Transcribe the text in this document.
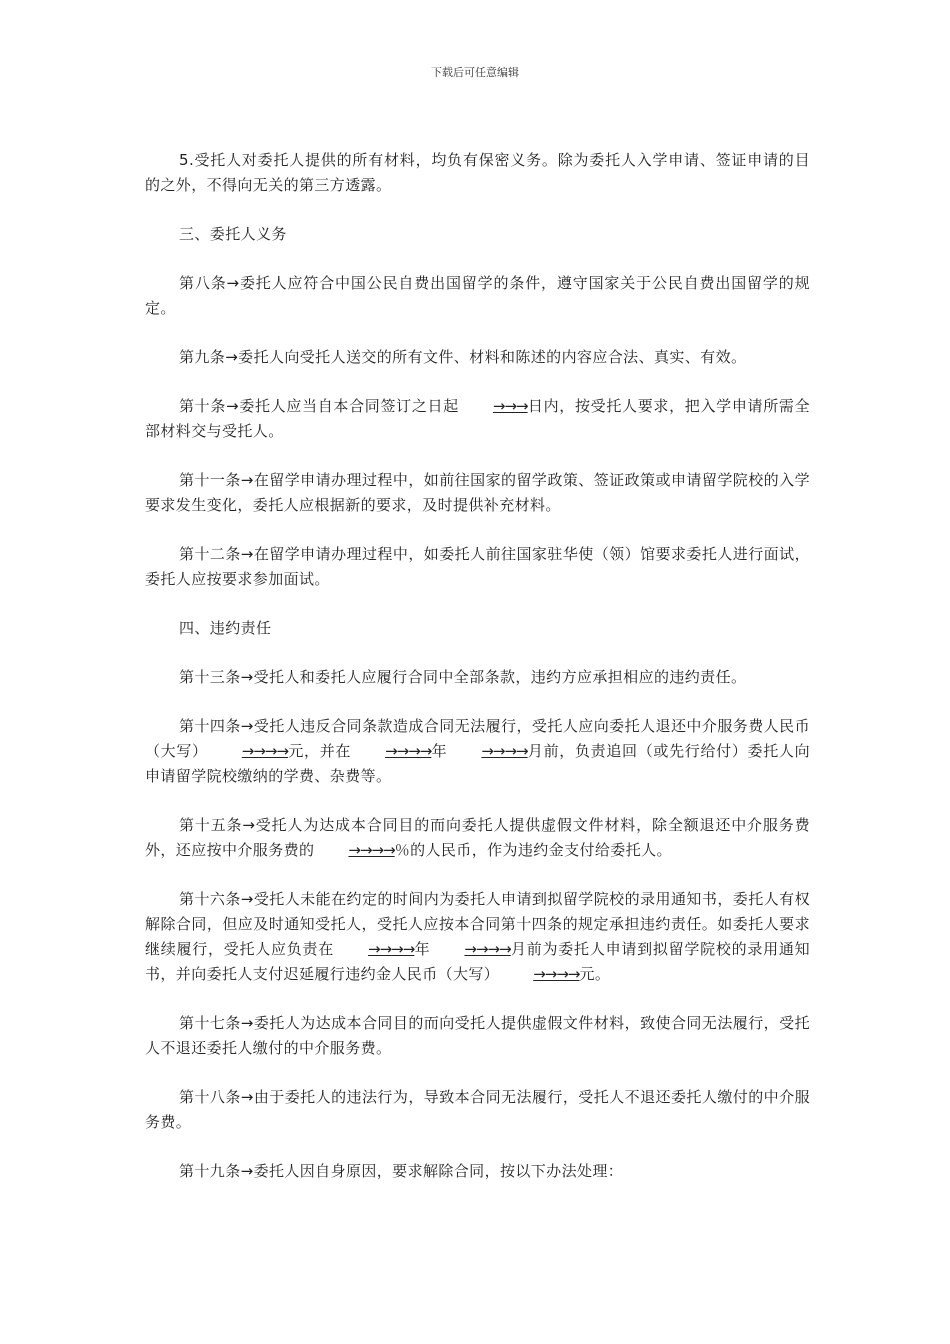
下载后可任意编辑

5.受托人对委托人提供的所有材料，均负有保密义务。除为委托人入学申请、签证申请的目的之外，不得向无关的第三方透露。

三、委托人义务

第八条→委托人应符合中国公民自费出国留学的条件，遵守国家关于公民自费出国留学的规定。

第九条→委托人向受托人送交的所有文件、材料和陈述的内容应合法、真实、有效。

第十条→委托人应当自本合同签订之日起 →→→日内，按受托人要求，把入学申请所需全部材料交与受托人。

第十一条→在留学申请办理过程中，如前往国家的留学政策、签证政策或申请留学院校的入学要求发生变化，委托人应根据新的要求，及时提供补充材料。

第十二条→在留学申请办理过程中，如委托人前往国家驻华使（领）馆要求委托人进行面试，委托人应按要求参加面试。

四、违约责任

第十三条→受托人和委托人应履行合同中全部条款，违约方应承担相应的违约责任。

第十四条→受托人违反合同条款造成合同无法履行，受托人应向委托人退还中介服务费人民币（大写） →→→→元，并在 →→→→年 →→→→月前，负责追回（或先行给付）委托人向申请留学院校缴纳的学费、杂费等。

第十五条→受托人为达成本合同目的而向委托人提供虚假文件材料，除全额退还中介服务费外，还应按中介服务费的 →→→→％的人民币，作为违约金支付给委托人。

第十六条→受托人未能在约定的时间内为委托人申请到拟留学院校的录用通知书，委托人有权解除合同，但应及时通知受托人，受托人应按本合同第十四条的规定承担违约责任。如委托人要求继续履行，受托人应负责在 →→→→年 →→→→月前为委托人申请到拟留学院校的录用通知书，并向委托人支付迟延履行违约金人民币（大写） →→→→元。

第十七条→委托人为达成本合同目的而向受托人提供虚假文件材料，致使合同无法履行，受托人不退还委托人缴付的中介服务费。

第十八条→由于委托人的违法行为，导致本合同无法履行，受托人不退还委托人缴付的中介服务费。

第十九条→委托人因自身原因，要求解除合同，按以下办法处理：
